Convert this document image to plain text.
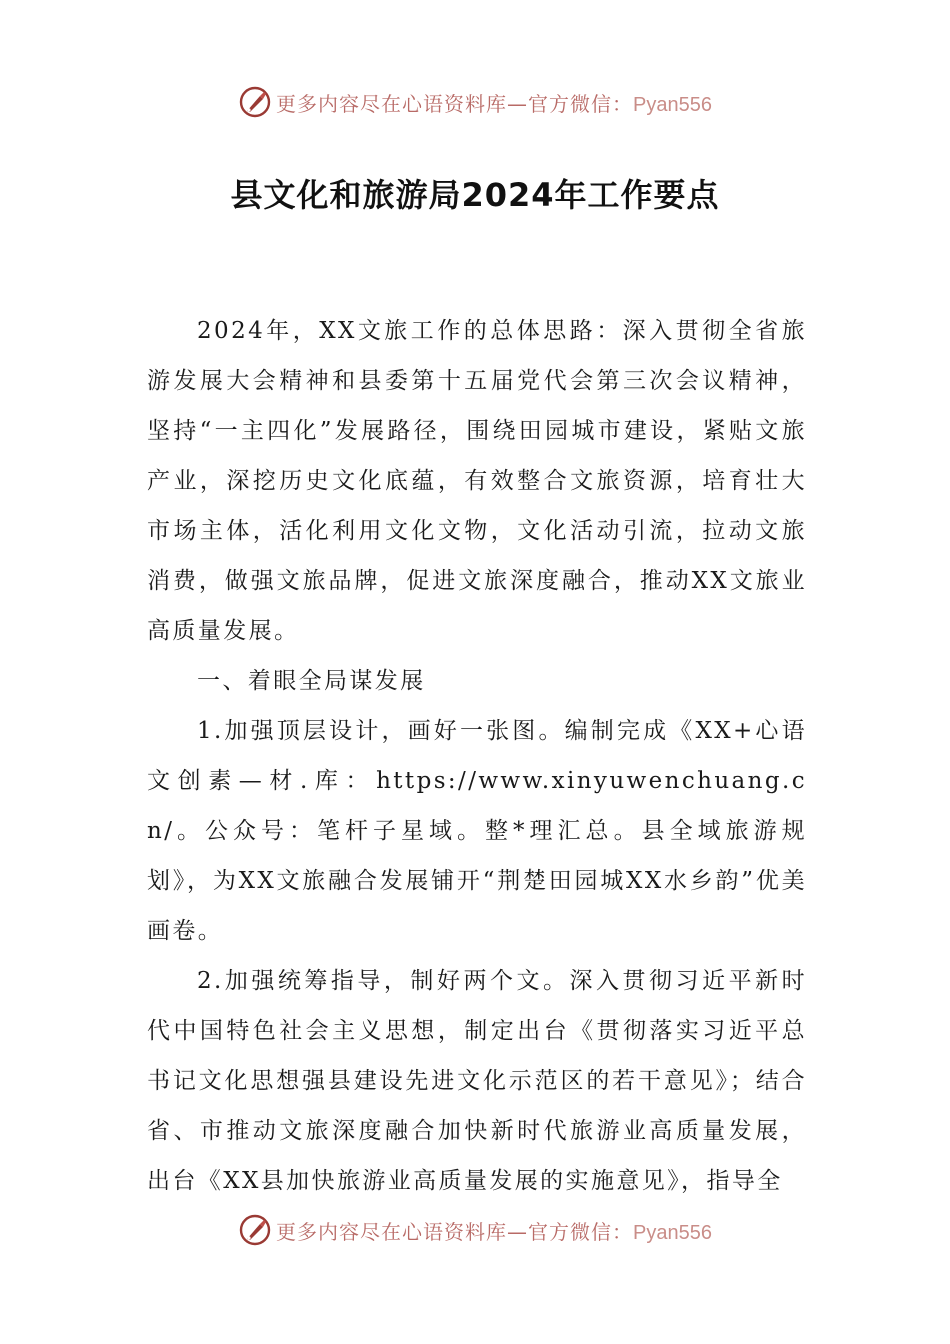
更多内容尽在心语资料库—官方微信：Pyan556
县文化和旅游局2024年工作要点

2024年，XX文旅工作的总体思路：深入贯彻全省旅游发展大会精神和县委第十五届党代会第三次会议精神，坚持“一主四化”发展路径，围绕田园城市建设，紧贴文旅产业，深挖历史文化底蕴，有效整合文旅资源，培育壮大市场主体，活化利用文化文物，文化活动引流，拉动文旅消费，做强文旅品牌，促进文旅深度融合，推动XX文旅业高质量发展。

一、着眼全局谋发展

1.加强顶层设计，画好一张图。编制完成《XX+心语文创素—材.库：https://www.xinyuwenchuang.cn/。公众号：笔杆子星域。整*理汇总。县全域旅游规划》，为XX文旅融合发展铺开“荆楚田园城XX水乡韵”优美画卷。

2.加强统筹指导，制好两个文。深入贯彻习近平新时代中国特色社会主义思想，制定出台《贯彻落实习近平总书记文化思想强县建设先进文化示范区的若干意见》；结合省、市推动文旅深度融合加快新时代旅游业高质量发展，出台《XX县加快旅游业高质量发展的实施意见》，指导全

更多内容尽在心语资料库—官方微信：Pyan556
